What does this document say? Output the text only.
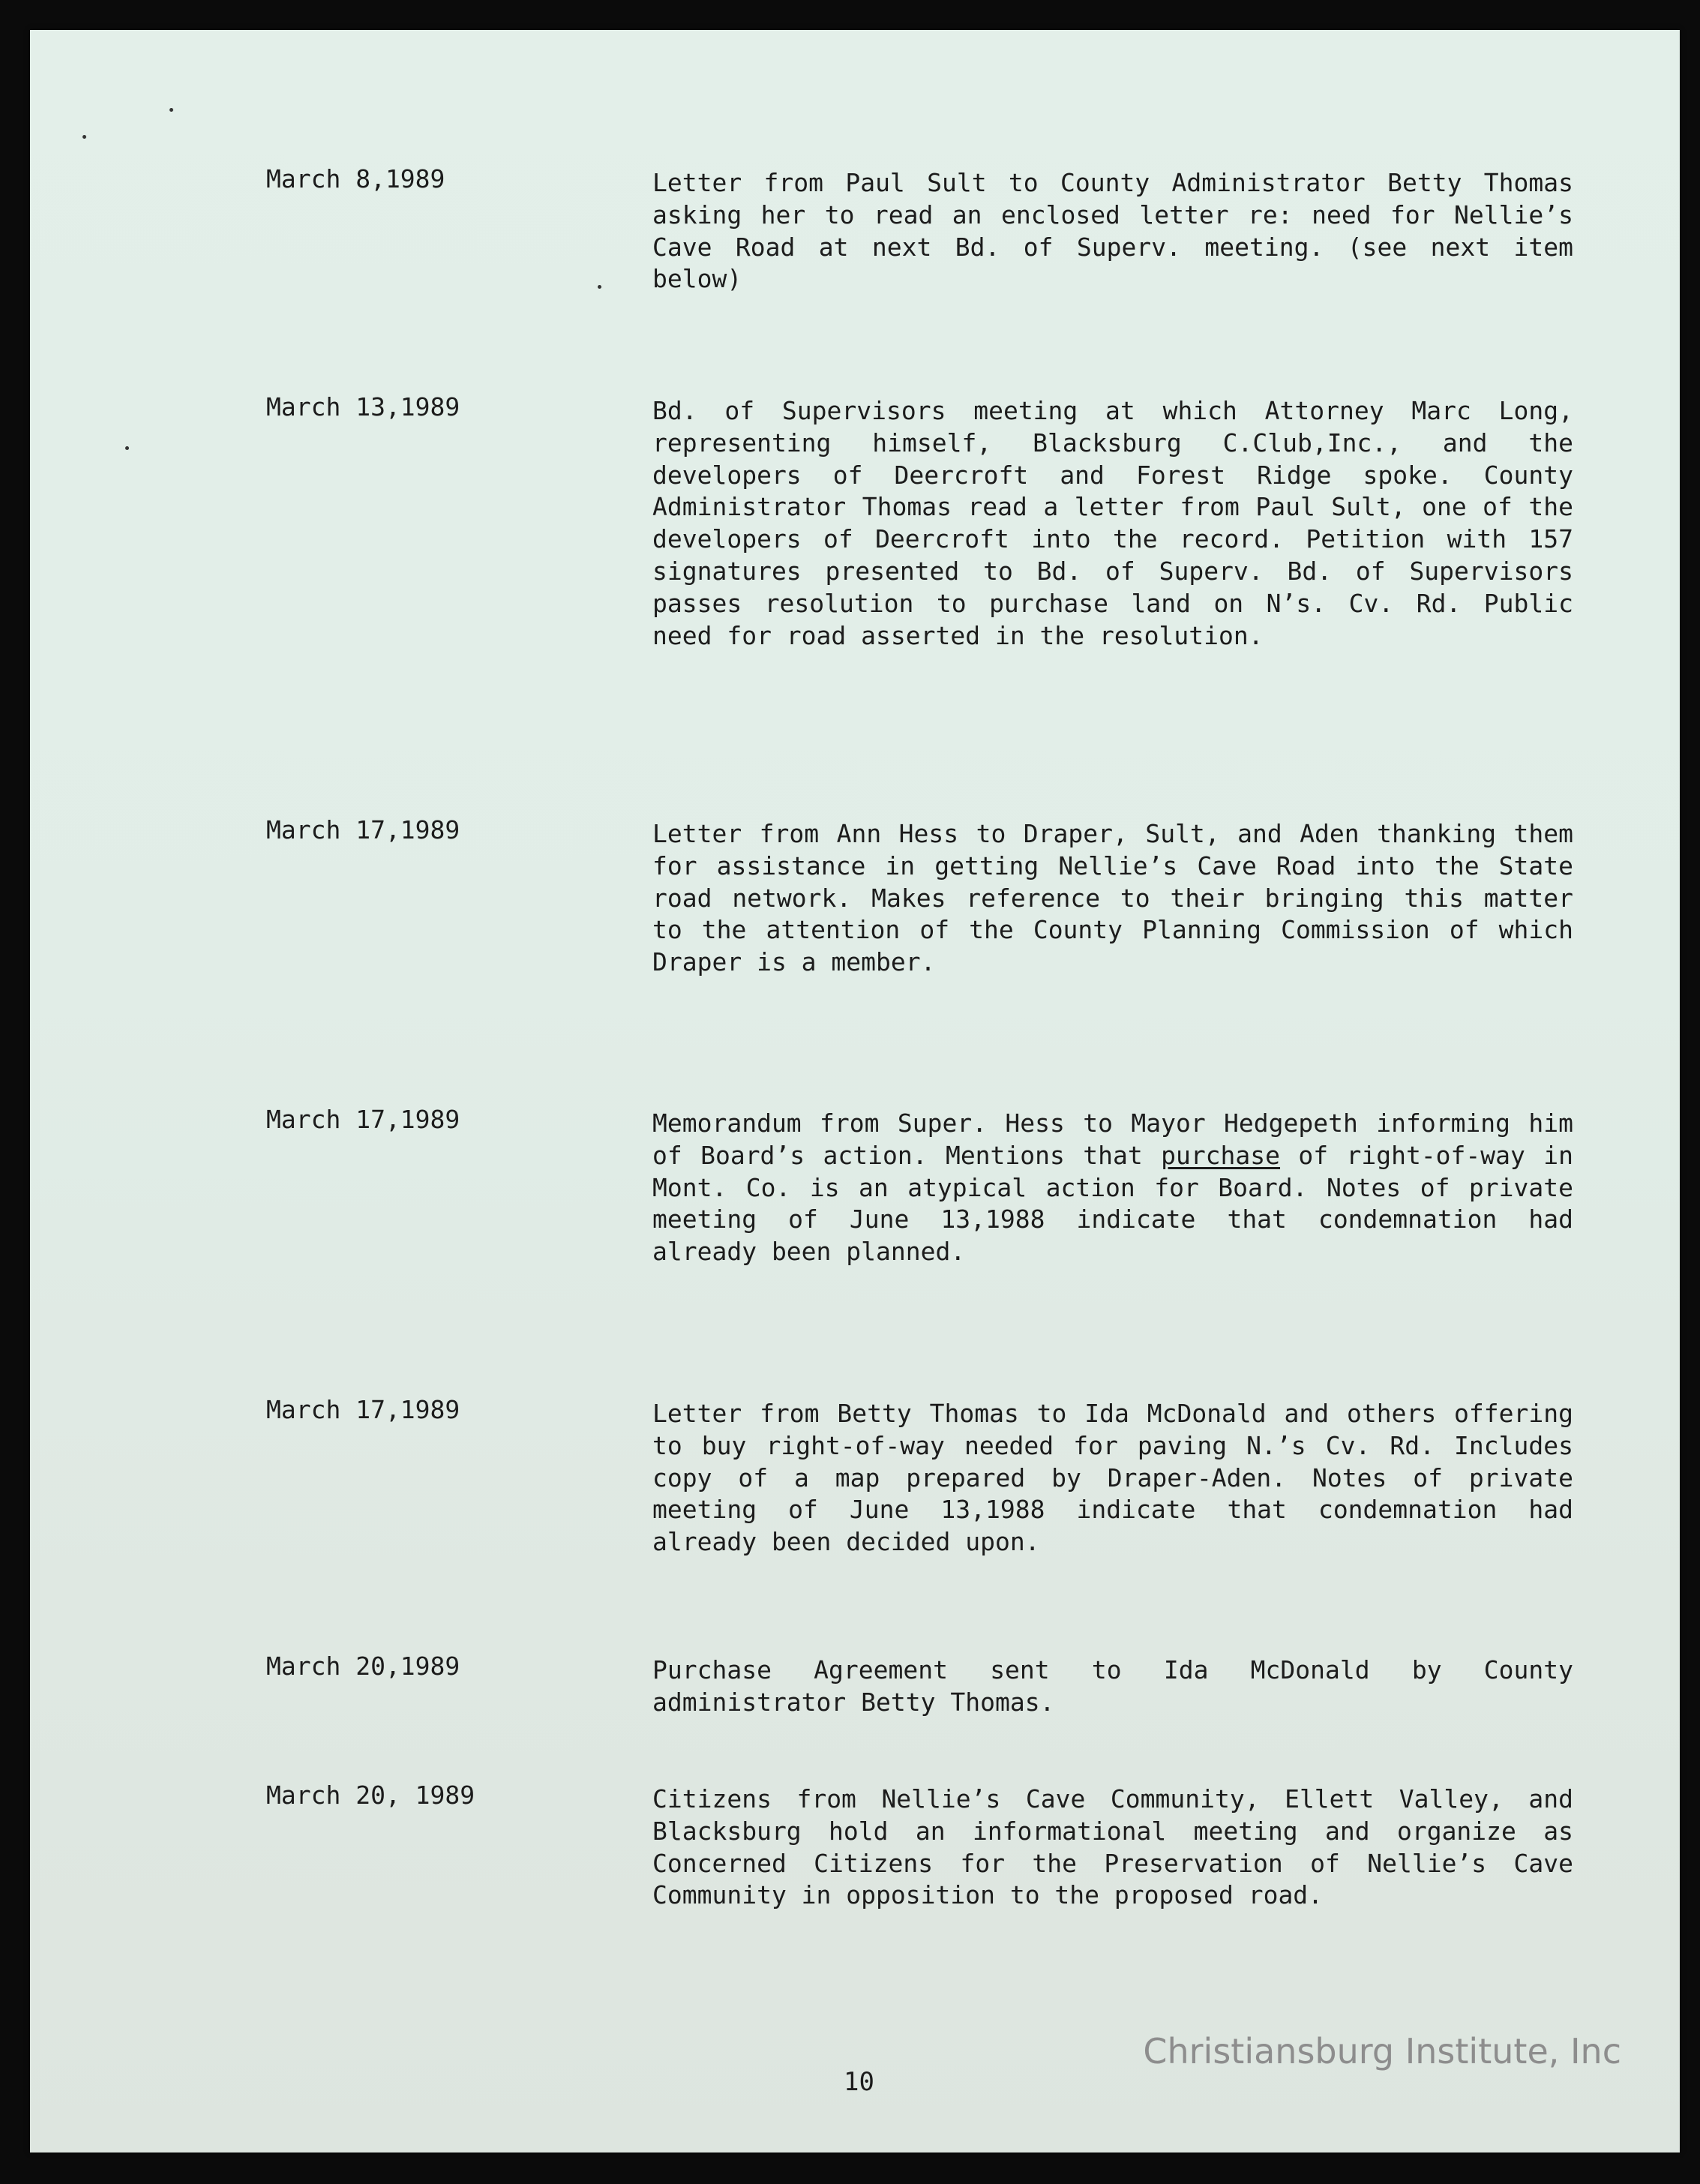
March 8,1989	Letter from Paul Sult to County Administrator Betty Thomas asking her to read an enclosed letter re: need for Nellie’s Cave Road at next Bd. of Superv. meeting. (see next item below)
March 13,1989	Bd. of Supervisors meeting at which Attorney Marc Long, representing himself, Blacksburg C.Club,Inc., and the developers of Deercroft and Forest Ridge spoke. County Administrator Thomas read a letter from Paul Sult, one of the developers of Deercroft into the record. Petition with 157 signatures presented to Bd. of Superv. Bd. of Supervisors passes resolution to purchase land on N’s. Cv. Rd. Public need for road asserted in the resolution.
March 17,1989	Letter from Ann Hess to Draper, Sult, and Aden thanking them for assistance in getting Nellie’s Cave Road into the State road network. Makes reference to their bringing this matter to the attention of the County Planning Commission of which Draper is a member.
March 17,1989	Memorandum from Super. Hess to Mayor Hedgepeth informing him of Board’s action. Mentions that purchase of right-of-way in Mont. Co. is an atypical action for Board. Notes of private meeting of June 13,1988 indicate that condemnation had already been planned.
March 17,1989	Letter from Betty Thomas to Ida McDonald and others offering to buy right-of-way needed for paving N.’s Cv. Rd. Includes copy of a map prepared by Draper-Aden. Notes of private meeting of June 13,1988 indicate that condemnation had already been decided upon.
March 20,1989	Purchase Agreement sent to Ida McDonald by County administrator Betty Thomas.
March 20, 1989	Citizens from Nellie’s Cave Community, Ellett Valley, and Blacksburg hold an informational meeting and organize as Concerned Citizens for the Preservation of Nellie’s Cave Community in opposition to the proposed road.
10
Christiansburg Institute, Inc
